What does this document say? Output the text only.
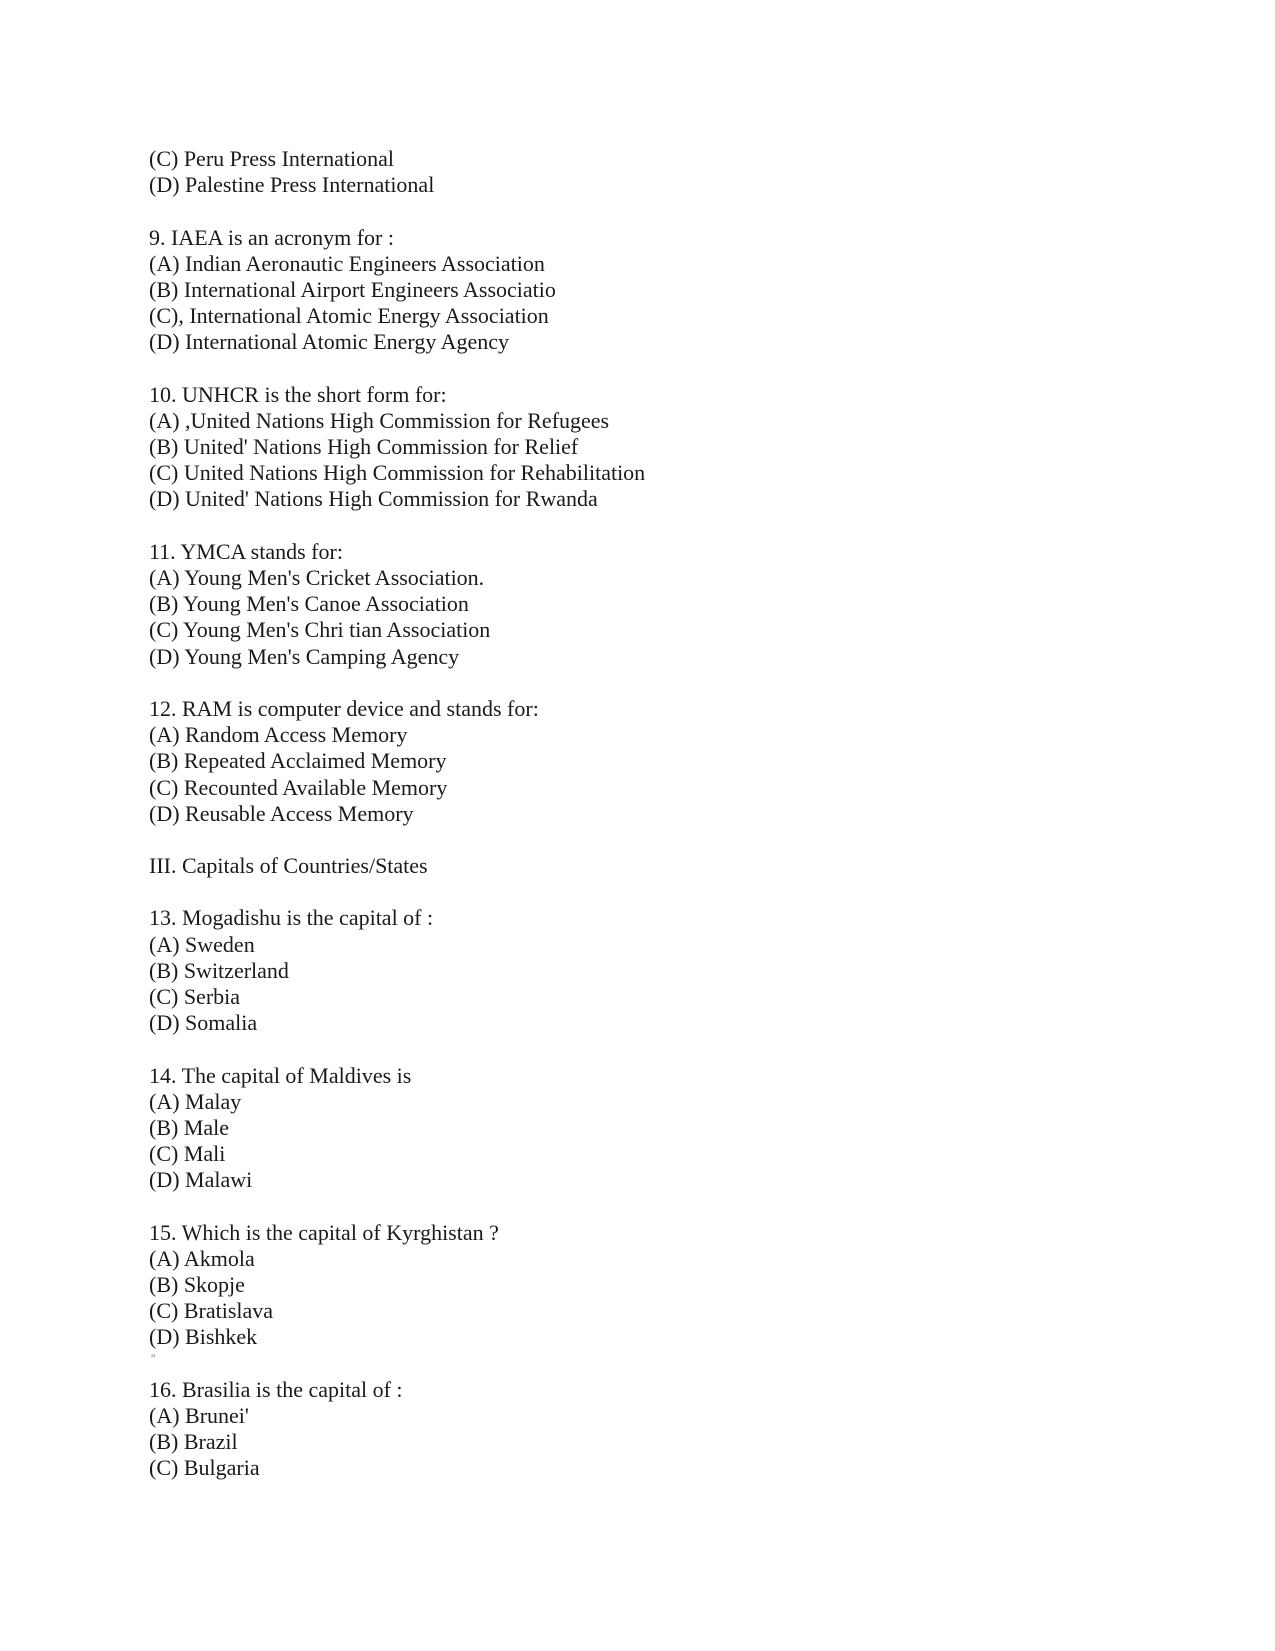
(C) Peru Press International
(D) Palestine Press International
9. IAEA is an acronym for :
(A) Indian Aeronautic Engineers Association
(B) International Airport Engineers Associatio
(C), International Atomic Energy Association
(D) International Atomic Energy Agency
10. UNHCR is the short form for:
(A) ,United Nations High Commission for Refugees
(B) United' Nations High Commission for Relief
(C) United Nations High Commission for Rehabilitation
(D) United' Nations High Commission for Rwanda
11. YMCA stands for:
(A) Young Men's Cricket Association.
(B) Young Men's Canoe Association
(C) Young Men's Chri tian Association
(D) Young Men's Camping Agency
12. RAM is computer device and stands for:
(A) Random Access Memory
(B) Repeated Acclaimed Memory
(C) Recounted Available Memory
(D) Reusable Access Memory
III. Capitals of Countries/States
13. Mogadishu is the capital of :
(A) Sweden
(B) Switzerland
(C) Serbia
(D) Somalia
14. The capital of Maldives is
(A) Malay
(B) Male
(C) Mali
(D) Malawi
15. Which is the capital of Kyrghistan ?
(A) Akmola
(B) Skopje
(C) Bratislava
(D) Bishkek
''
16. Brasilia is the capital of :
(A) Brunei'
(B) Brazil
(C) Bulgaria
